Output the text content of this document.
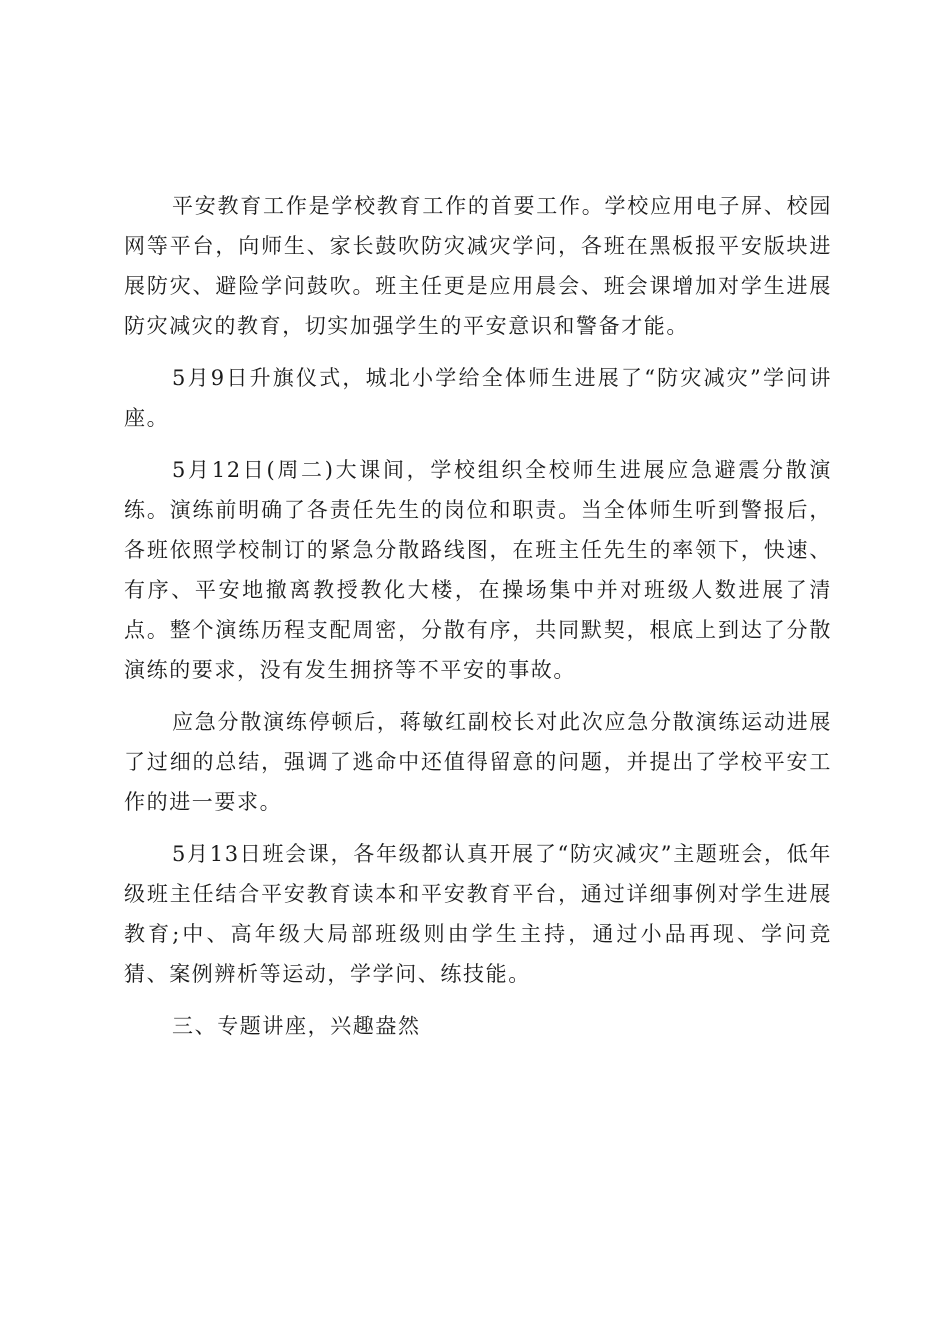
平安教育工作是学校教育工作的首要工作。学校应用电子屏、校园网等平台，向师生、家长鼓吹防灾减灾学问，各班在黑板报平安版块进展防灾、避险学问鼓吹。班主任更是应用晨会、班会课增加对学生进展防灾减灾的教育，切实加强学生的平安意识和警备才能。

5月9日升旗仪式，城北小学给全体师生进展了“防灾减灾”学问讲座。

5月12日(周二)大课间，学校组织全校师生进展应急避震分散演练。演练前明确了各责任先生的岗位和职责。当全体师生听到警报后，各班依照学校制订的紧急分散路线图，在班主任先生的率领下，快速、有序、平安地撤离教授教化大楼，在操场集中并对班级人数进展了清点。整个演练历程支配周密，分散有序，共同默契，根底上到达了分散演练的要求，没有发生拥挤等不平安的事故。

应急分散演练停顿后，蒋敏红副校长对此次应急分散演练运动进展了过细的总结，强调了逃命中还值得留意的问题，并提出了学校平安工作的进一要求。

5月13日班会课，各年级都认真开展了“防灾减灾”主题班会，低年级班主任结合平安教育读本和平安教育平台，通过详细事例对学生进展教育;中、高年级大局部班级则由学生主持，通过小品再现、学问竞猜、案例辨析等运动，学学问、练技能。

三、专题讲座，兴趣盎然
